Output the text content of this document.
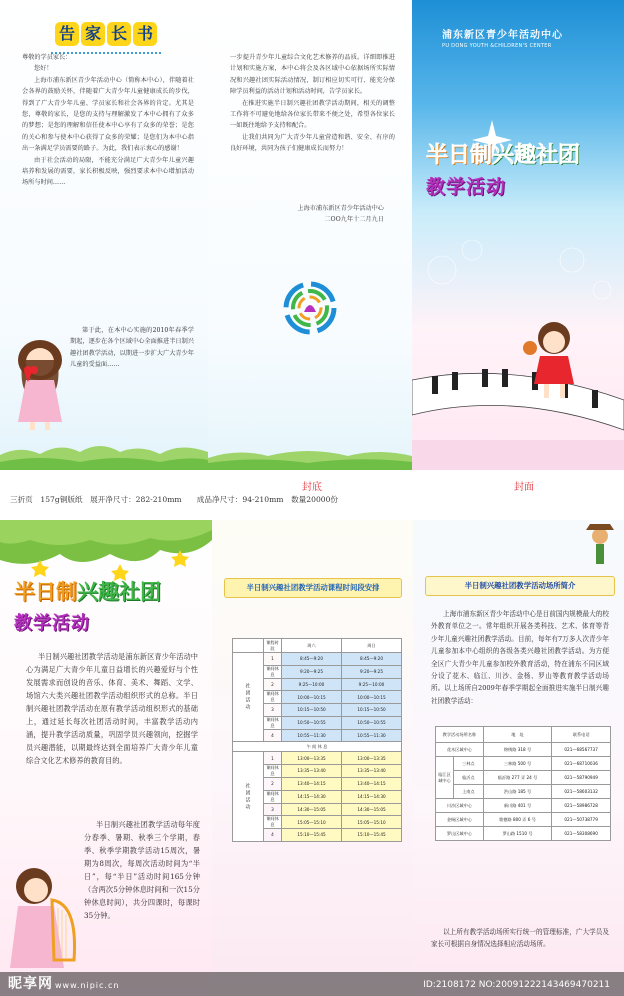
告 家 长 书

尊敬的学员家长：

您好！

上海市浦东新区青少年活动中心（简称本中心），伴随着社会各界的鼓励关怀，伴随着广大青少年儿童健康成长的步伐，得到了广大青少年儿童、学员家长和社会各界的肯定。尤其是您，尊敬的家长，是您的支持与理解激发了本中心拥有了众多的梦想；是您的理解和信任使本中心享有了众多的荣誉；是您的关心和参与使本中心获得了众多的荣耀；是您们为本中心指出一条满足学员需要的路子。为此，我们表示衷心的感谢！

由于社会活动的局限，不能充分满足广大青少年儿童兴趣培养和发展的需要，家长积极反映，强烈要求本中心增加活动场所与时间……

第于此，在本中心实施的2010年春季学期起，逐步在各个区域中心全面推进半日制兴趣社团教学活动，以期进一步扩大广大青少年儿童的受益面……

一步提升青少年儿童综合文化艺术修养的品质。详细即推进计划和实施方案，本中心将会及各区域中心依据场所实际情况和兴趣社团实际活动情况，制订相应切实可行、能充分保障学员利益的活动计划和活动时间，告学员家长。

在推进实施半日制兴趣社团教学活动期间，相关的调整工作将不可避免地给各位家长带来不便之处，希望各位家长一如既往地给予支持和配合。

让我们共同为广大青少年儿童营造和谐、安全、有序的良好环境，共同为孩子们健康成长而努力！

上海市浦东新区青少年活动中心
二OO九年十二月九日
浦东新区青少年活动中心
PU DONG YOUTH &CHILDREN'S CENTER
半日制兴趣社团
教学活动
封底	封面
三折页　157g铜版纸　展开净尺寸：282-210mm　　成品净尺寸：94-210mm　数量20000份
半日制兴趣社团
教学活动

半日制兴趣社团教学活动是浦东新区青少年活动中心为满足广大青少年儿童日益增长的兴趣爱好与个性发展需求而创设的音乐、体育、美术、舞蹈、文学、场馆六大类兴趣社团教学活动组织形式的总称。半日制兴趣社团教学活动在原有教学活动组织形式的基础上，通过延长每次社团活动时间，丰富教学活动内涵，提升教学活动质量，巩固学员兴趣领向，挖掘学员兴趣潜能，以期最终达到全面培养广大青少年儿童综合文化艺术修养的教育目的。

半日制兴趣社团教学活动每年度分春季、暑期、秋季三个学期，春季、秋季学期教学活动15周次，暑期为8周次，每周次活动时间为“半日”，每“半日”活动时间165分钟（含两次5分钟休息时间和一次15分钟休息时间），共分四课时，每课时35分钟。

半日制兴趣社团教学活动课程时间段安排
	课程时段	周六	周日
社团活动	1	8:45—9:20	8:45—9:20
	课间休息	9:20—9:25	9:20—9:25
	2	9:25—10:00	9:25—10:00
	课间休息	10:00—10:15	10:00—10:15
	3	10:15—10:50	10:15—10:50
	课间休息	10:50—10:55	10:50—10:55
	4	10:55—11:30	10:55—11:30
午 间 休 息			
社团活动	1	13:00—13:35	13:00—13:35
	课间休息	13:35—13:40	13:35—13:40
	2	13:40—14:15	13:40—14:15
	课间休息	14:15—14:30	14:15—14:30
	3	14:30—15:05	14:30—15:05
	课间休息	15:05—15:10	15:05—15:10
	4	15:10—15:45	15:10—15:45
半日制兴趣社团教学活动场所简介

上海市浦东新区青少年活动中心是目前国内规模最大的校外教育单位之一。常年组织开展各类科技、艺术、体育等青少年儿童兴趣社团教学活动。目前，每年有7万多人次青少年儿童参加本中心组织的各级各类兴趣社团教学活动。为方便全区广大青少年儿童参加校外教育活动，特在浦东不同区域分设了花木、临江、川沙、金杨、罗山等教育教学活动场所。以上场所自2009年春季学期起全面推进实施半日制兴趣社团教学活动：

教学活动场所名称		地　址	联系电话
花木区域中心		锦绣路 318 号	021—68567737
临江区域中心	三林点	三林路 500 号	021—68710036
	临沂点	临沂路 277 弄 24 号	021—58790949
	上南点	洪山路 185 号	021—58603132
川沙区域中心		新川路 401 号	021—58986728
金杨区域中心		歌德路 800 弄 6 号	021—50738779
罗山区域中心		罗山路 1510 号	021—58308690

以上所有教学活动场所实行统一的管理标准，广大学员及家长可根据自身情况选择相应活动场所。

昵享网 www.nipic.cn	ID:2108172 NO:20091222143469470211
